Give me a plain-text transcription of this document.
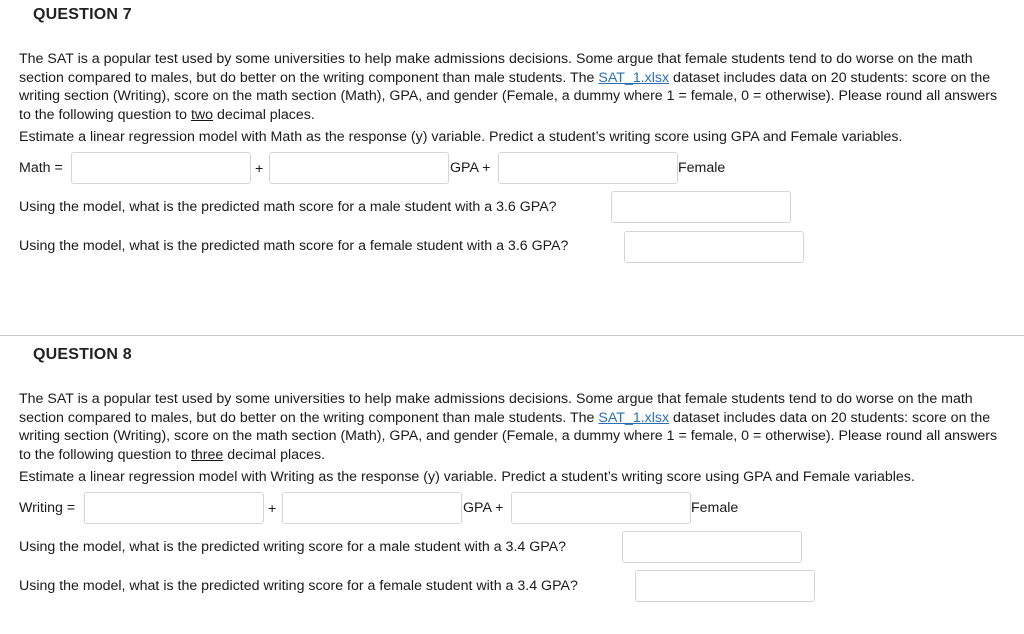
QUESTION 7
The SAT is a popular test used by some universities to help make admissions decisions. Some argue that female students tend to do worse on the math section compared to males, but do better on the writing component than male students. The SAT_1.xlsx dataset includes data on 20 students: score on the writing section (Writing), score on the math section (Math), GPA, and gender (Female, a dummy where 1 = female, 0 = otherwise). Please round all answers to the following question to two decimal places.
Estimate a linear regression model with Math as the response (y) variable. Predict a student’s writing score using GPA and Female variables.
Math =	+	GPA +	Female
Using the model, what is the predicted math score for a male student with a 3.6 GPA?
Using the model, what is the predicted math score for a female student with a 3.6 GPA?
QUESTION 8
The SAT is a popular test used by some universities to help make admissions decisions. Some argue that female students tend to do worse on the math section compared to males, but do better on the writing component than male students. The SAT_1.xlsx dataset includes data on 20 students: score on the writing section (Writing), score on the math section (Math), GPA, and gender (Female, a dummy where 1 = female, 0 = otherwise). Please round all answers to the following question to three decimal places.
Estimate a linear regression model with Writing as the response (y) variable. Predict a student’s writing score using GPA and Female variables.
Writing =	+	GPA +	Female
Using the model, what is the predicted writing score for a male student with a 3.4 GPA?
Using the model, what is the predicted writing score for a female student with a 3.4 GPA?
